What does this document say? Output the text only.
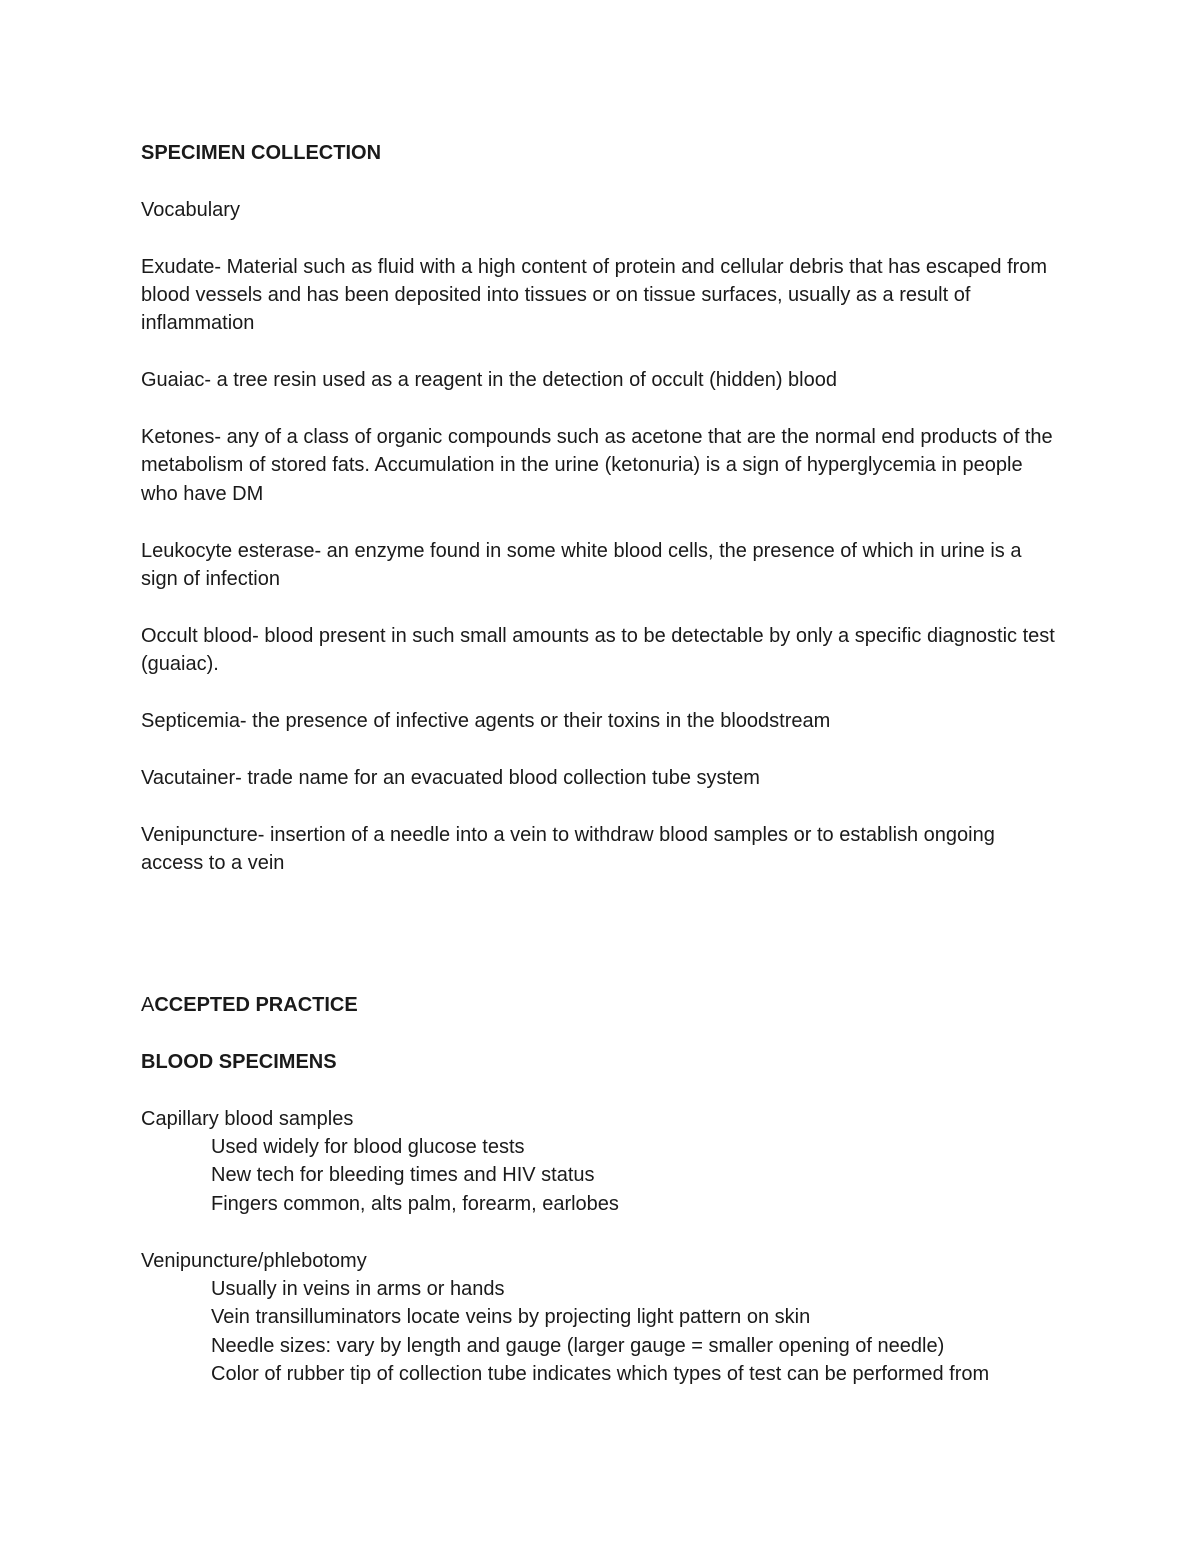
SPECIMEN COLLECTION

Vocabulary

Exudate- Material such as fluid with a high content of protein and cellular debris that has escaped from blood vessels and has been deposited into tissues or on tissue surfaces, usually as a result of inflammation

Guaiac- a tree resin used as a reagent in the detection of occult (hidden) blood

Ketones- any of a class of organic compounds such as acetone that are the normal end products of the metabolism of stored fats. Accumulation in the urine (ketonuria) is a sign of hyperglycemia in people who have DM

Leukocyte esterase- an enzyme found in some white blood cells, the presence of which in urine is a sign of infection

Occult blood- blood present in such small amounts as to be detectable by only a specific diagnostic test (guaiac).

Septicemia- the presence of infective agents or their toxins in the bloodstream

Vacutainer- trade name for an evacuated blood collection tube system

Venipuncture- insertion of a needle into a vein to withdraw blood samples or to establish ongoing access to a vein

ACCEPTED PRACTICE

BLOOD SPECIMENS

Capillary blood samples

Used widely for blood glucose tests

New tech for bleeding times and HIV status

Fingers common, alts palm, forearm, earlobes

Venipuncture/phlebotomy

Usually in veins in arms or hands

Vein transilluminators locate veins by projecting light pattern on skin

Needle sizes: vary by length and gauge (larger gauge = smaller opening of needle)

Color of rubber tip of collection tube indicates which types of test can be performed from
